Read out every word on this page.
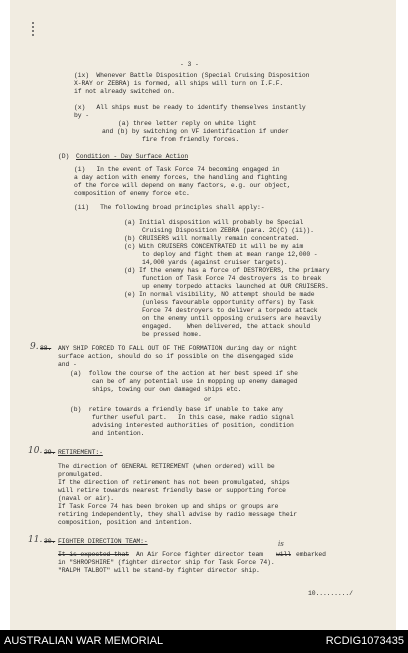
- 3 -
(ix)  Whenever Battle Disposition (Special Cruising Disposition
X-RAY or ZEBRA) is formed, all ships will turn on I.F.F.
if not already switched on.
(x)   All ships must be ready to identify themselves instantly
by -
(a) three letter reply on white light
and (b) by switching on VF identification if under
fire from friendly forces.
(D) Condition - Day Surface Action
(i)   In the event of Task Force 74 becoming engaged in
a day action with enemy forces, the handling and fighting
of the force will depend on many factors, e.g. our object,
composition of enemy force etc.
(ii)   The following broad principles shall apply:-
(a) Initial disposition will probably be Special
Cruising Disposition ZEBRA (para. 2C(C) (ii)).
(b) CRUISERS will normally remain concentrated.
(c) With CRUISERS CONCENTRATED it will be my aim
to deploy and fight them at mean range 12,000 -
14,000 yards (against cruiser targets).
(d) If the enemy has a force of DESTROYERS, the primary
function of Task Force 74 destroyers is to break
up enemy torpedo attacks launched at OUR CRUISERS.
(e) In normal visibility, NO attempt should be made
(unless favourable opportunity offers) by Task
Force 74 destroyers to deliver a torpedo attack
on the enemy until opposing cruisers are heavily
engaged.    When delivered, the attack should
be pressed home.
9. 88. ANY SHIP FORCED TO FALL OUT OF THE FORMATION during day or night
surface action, should do so if possible on the disengaged side
and -
(a)  follow the course of the action at her best speed if she
can be of any potential use in mopping up enemy damaged
ships, towing our own damaged ships etc.
or
(b)  retire towards a friendly base if unable to take any
further useful part.   In this case, make radio signal
advising interested authorities of position, condition
and intention.
10. 29. RETIREMENT:-
The direction of GENERAL RETIREMENT (when ordered) will be
promulgated.
If the direction of retirement has not been promulgated, ships
will retire towards nearest friendly base or supporting force
(naval or air).
If Task Force 74 has been broken up and ships or groups are
retiring independently, they shall advise by radio message their
composition, position and intention.
11. 30. FIGHTER DIRECTION TEAM:-
It is expected that An Air Force fighter director team
is
will embarked
in "SHROPSHIRE" (fighter director ship for Task Force 74).
"RALPH TALBOT" will be stand-by fighter director ship.
10........./
AUSTRALIAN WAR MEMORIAL	RCDIG1073435
